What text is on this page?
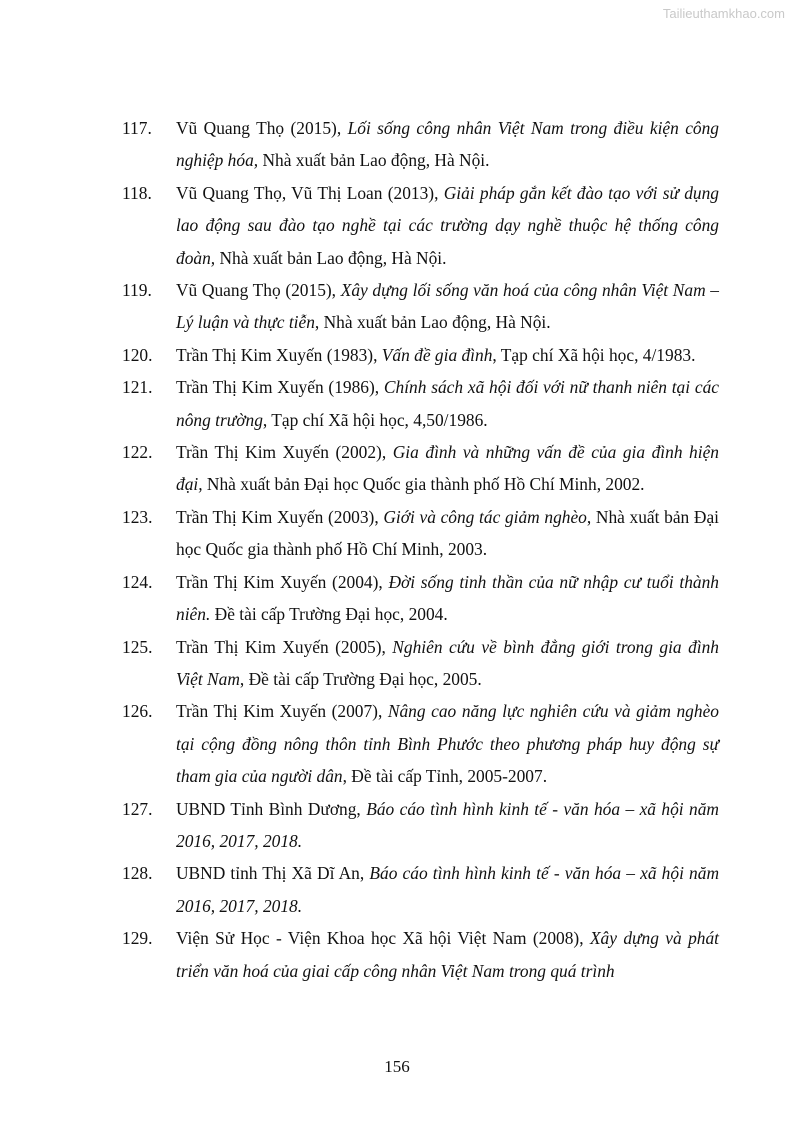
Tailieuthamkhao.com
117. Vũ Quang Thọ (2015), Lối sống công nhân Việt Nam trong điều kiện công nghiệp hóa, Nhà xuất bản Lao động, Hà Nội.
118. Vũ Quang Thọ, Vũ Thị Loan (2013), Giải pháp gắn kết đào tạo với sử dụng lao động sau đào tạo nghề tại các trường dạy nghề thuộc hệ thống công đoàn, Nhà xuất bản Lao động, Hà Nội.
119. Vũ Quang Thọ (2015), Xây dựng lối sống văn hoá của công nhân Việt Nam – Lý luận và thực tiễn, Nhà xuất bản Lao động, Hà Nội.
120. Trần Thị Kim Xuyến (1983), Vấn đề gia đình, Tạp chí Xã hội học, 4/1983.
121. Trần Thị Kim Xuyến (1986), Chính sách xã hội đối với nữ thanh niên tại các nông trường, Tạp chí Xã hội học, 4,50/1986.
122. Trần Thị Kim Xuyến (2002), Gia đình và những vấn đề của gia đình hiện đại, Nhà xuất bản Đại học Quốc gia thành phố Hồ Chí Minh, 2002.
123. Trần Thị Kim Xuyến (2003), Giới và công tác giảm nghèo, Nhà xuất bản Đại học Quốc gia thành phố Hồ Chí Minh, 2003.
124. Trần Thị Kim Xuyến (2004), Đời sống tinh thần của nữ nhập cư tuổi thành niên. Đề tài cấp Trường Đại học, 2004.
125. Trần Thị Kim Xuyến (2005), Nghiên cứu về bình đẳng giới trong gia đình Việt Nam, Đề tài cấp Trường Đại học, 2005.
126. Trần Thị Kim Xuyến (2007), Nâng cao năng lực nghiên cứu và giảm nghèo tại cộng đồng nông thôn tỉnh Bình Phước theo phương pháp huy động sự tham gia của người dân, Đề tài cấp Tỉnh, 2005-2007.
127. UBND Tỉnh Bình Dương, Báo cáo tình hình kinh tế - văn hóa – xã hội năm 2016, 2017, 2018.
128. UBND tỉnh Thị Xã Dĩ An, Báo cáo tình hình kinh tế - văn hóa – xã hội năm 2016, 2017, 2018.
129. Viện Sử Học - Viện Khoa học Xã hội Việt Nam (2008), Xây dựng và phát triển văn hoá của giai cấp công nhân Việt Nam trong quá trình
156
